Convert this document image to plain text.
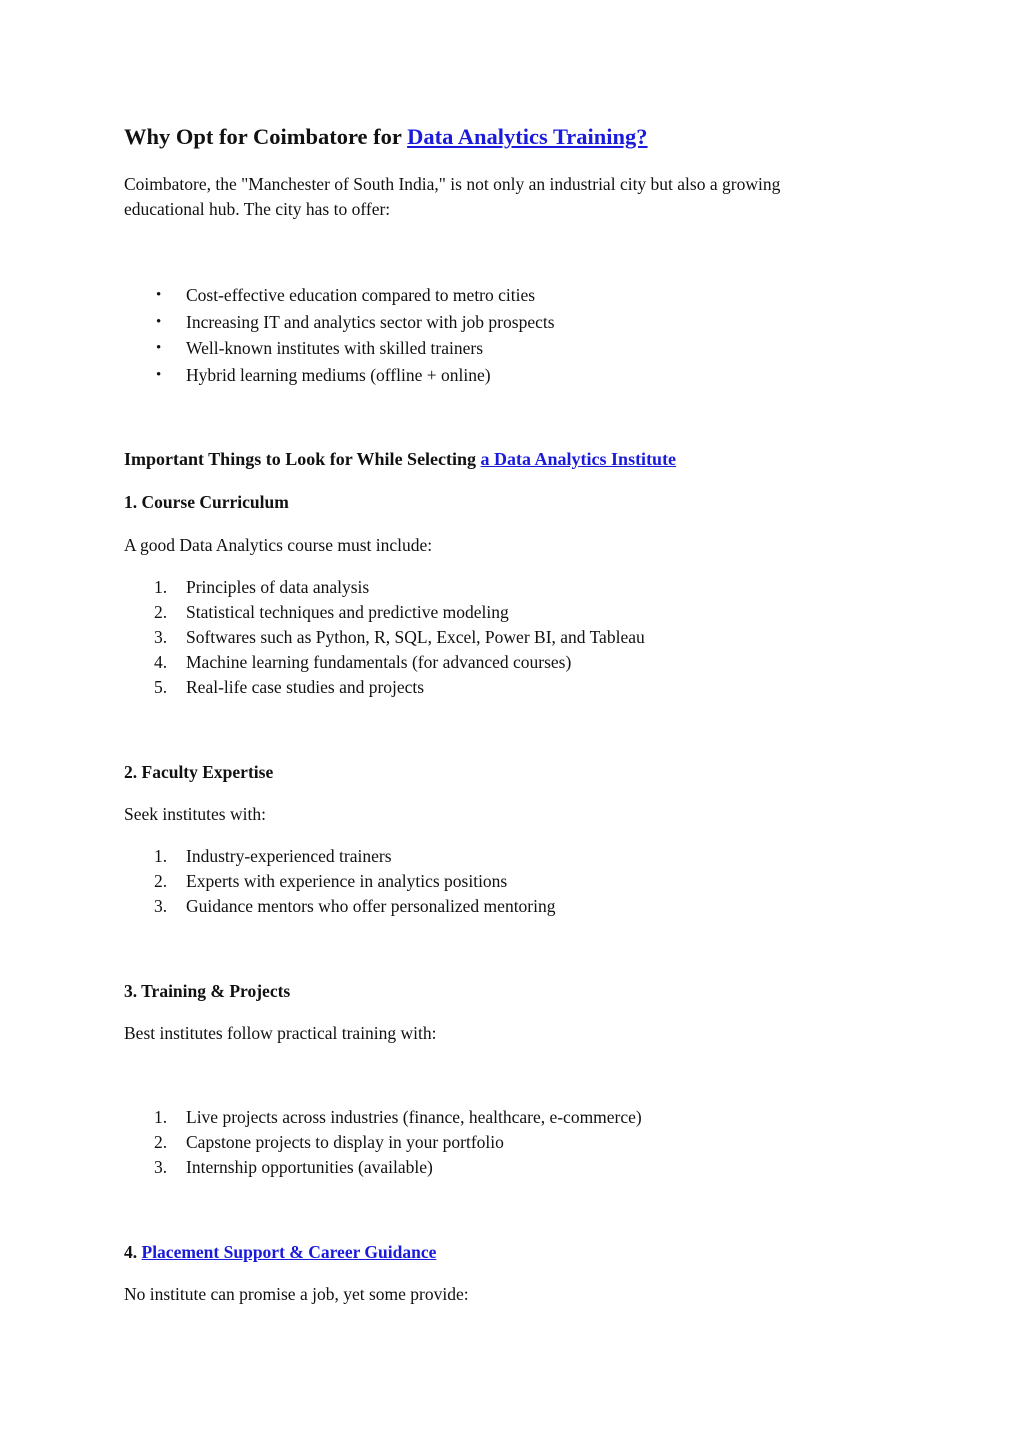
Why Opt for Coimbatore for Data Analytics Training?

Coimbatore, the "Manchester of South India," is not only an industrial city but also a growing educational hub. The city has to offer:

• Cost-effective education compared to metro cities
• Increasing IT and analytics sector with job prospects
• Well-known institutes with skilled trainers
• Hybrid learning mediums (offline + online)
Important Things to Look for While Selecting a Data Analytics Institute
1. Course Curriculum

A good Data Analytics course must include:

1. Principles of data analysis
2. Statistical techniques and predictive modeling
3. Softwares such as Python, R, SQL, Excel, Power BI, and Tableau
4. Machine learning fundamentals (for advanced courses)
5. Real-life case studies and projects
2. Faculty Expertise

Seek institutes with:

1. Industry-experienced trainers
2. Experts with experience in analytics positions
3. Guidance mentors who offer personalized mentoring
3. Training & Projects

Best institutes follow practical training with:

1. Live projects across industries (finance, healthcare, e-commerce)
2. Capstone projects to display in your portfolio
3. Internship opportunities (available)
4. Placement Support & Career Guidance

No institute can promise a job, yet some provide:
